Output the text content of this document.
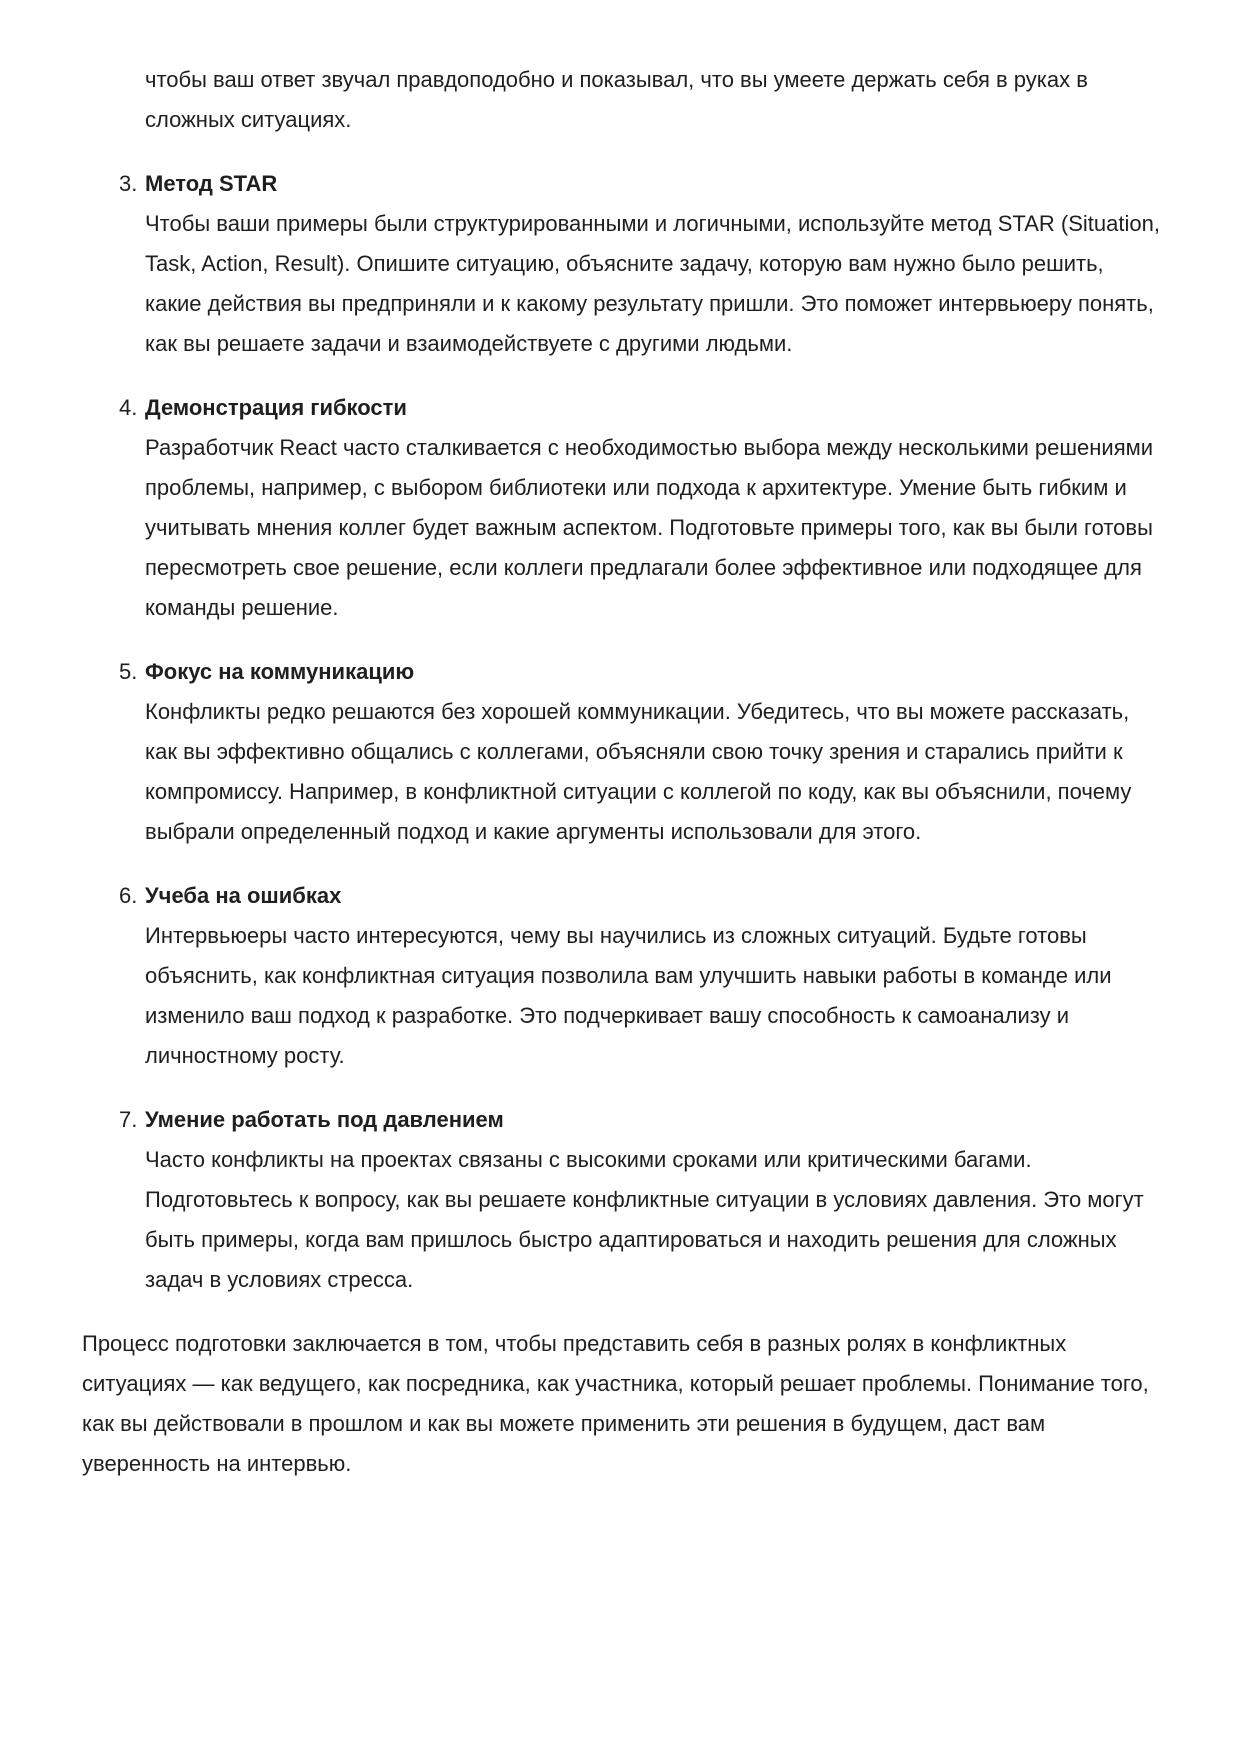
чтобы ваш ответ звучал правдоподобно и показывал, что вы умеете держать себя в руках в сложных ситуациях.

3. Метод STAR
Чтобы ваши примеры были структурированными и логичными, используйте метод STAR (Situation, Task, Action, Result). Опишите ситуацию, объясните задачу, которую вам нужно было решить, какие действия вы предприняли и к какому результату пришли. Это поможет интервьюеру понять, как вы решаете задачи и взаимодействуете с другими людьми.
4. Демонстрация гибкости
Разработчик React часто сталкивается с необходимостью выбора между несколькими решениями проблемы, например, с выбором библиотеки или подхода к архитектуре. Умение быть гибким и учитывать мнения коллег будет важным аспектом. Подготовьте примеры того, как вы были готовы пересмотреть свое решение, если коллеги предлагали более эффективное или подходящее для команды решение.
5. Фокус на коммуникацию
Конфликты редко решаются без хорошей коммуникации. Убедитесь, что вы можете рассказать, как вы эффективно общались с коллегами, объясняли свою точку зрения и старались прийти к компромиссу. Например, в конфликтной ситуации с коллегой по коду, как вы объяснили, почему выбрали определенный подход и какие аргументы использовали для этого.
6. Учеба на ошибках
Интервьюеры часто интересуются, чему вы научились из сложных ситуаций. Будьте готовы объяснить, как конфликтная ситуация позволила вам улучшить навыки работы в команде или изменило ваш подход к разработке. Это подчеркивает вашу способность к самоанализу и личностному росту.
7. Умение работать под давлением
Часто конфликты на проектах связаны с высокими сроками или критическими багами. Подготовьтесь к вопросу, как вы решаете конфликтные ситуации в условиях давления. Это могут быть примеры, когда вам пришлось быстро адаптироваться и находить решения для сложных задач в условиях стресса.

Процесс подготовки заключается в том, чтобы представить себя в разных ролях в конфликтных ситуациях — как ведущего, как посредника, как участника, который решает проблемы. Понимание того, как вы действовали в прошлом и как вы можете применить эти решения в будущем, даст вам уверенность на интервью.
